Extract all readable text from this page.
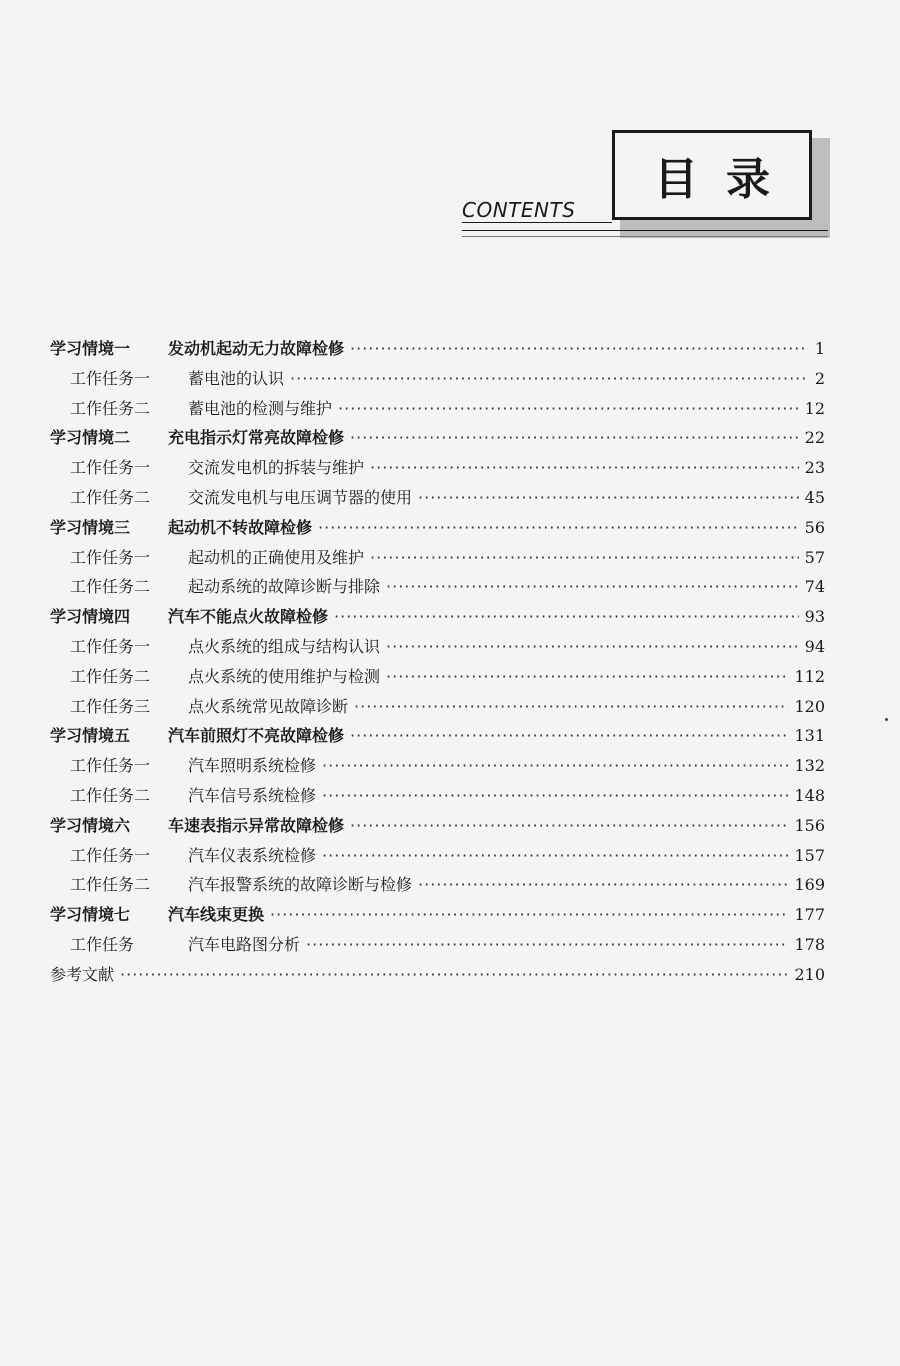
目录
CONTENTS
学习情境一	发动机起动无力故障检修 ·····	1
工作任务一	蓄电池的认识 ·····	2
工作任务二	蓄电池的检测与维护 ·····	12
学习情境二	充电指示灯常亮故障检修 ·····	22
工作任务一	交流发电机的拆装与维护 ·····	23
工作任务二	交流发电机与电压调节器的使用 ·····	45
学习情境三	起动机不转故障检修 ·····	56
工作任务一	起动机的正确使用及维护 ·····	57
工作任务二	起动系统的故障诊断与排除 ·····	74
学习情境四	汽车不能点火故障检修 ·····	93
工作任务一	点火系统的组成与结构认识 ·····	94
工作任务二	点火系统的使用维护与检测 ·····	112
工作任务三	点火系统常见故障诊断 ·····	120
学习情境五	汽车前照灯不亮故障检修 ·····	131
工作任务一	汽车照明系统检修 ·····	132
工作任务二	汽车信号系统检修 ·····	148
学习情境六	车速表指示异常故障检修 ·····	156
工作任务一	汽车仪表系统检修 ·····	157
工作任务二	汽车报警系统的故障诊断与检修 ·····	169
学习情境七	汽车线束更换 ·····	177
工作任务	汽车电路图分析 ·····	178
参考文献 ·····	210
